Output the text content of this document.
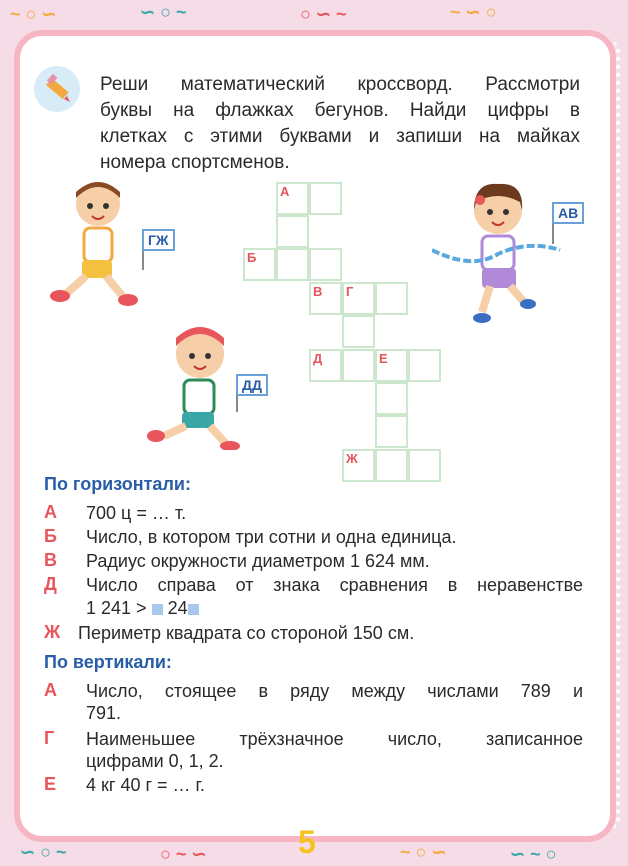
~ ○ ∽	∽ ○ ~	○ ∽ ~	~ ∽ ○
∽ ○ ~	○ ~ ∽	~ ○ ∽	∽ ~ ○
Реши математический кроссворд. Рассмотри
буквы на флажках бегунов. Найди цифры в
клетках с этими буквами и запиши на майках
номера спортсменов.
ГЖ
ДД
АВ
А
Б
В Г
Д	Е
Ж
По горизонтали:
А 700 ц = … т.
Б Число, в котором три сотни и одна единица.
В Радиус окружности диаметром 1 624 мм.
Д Число справа от знака сравнения в неравенстве
1 241 >  24
Ж Периметр квадрата со стороной 150 см.
По вертикали:
А Число, стоящее в ряду между числами 789 и
791.
Г Наименьшее трёхзначное число, записанное
цифрами 0, 1, 2.
Е 4 кг 40 г = … г.
5
